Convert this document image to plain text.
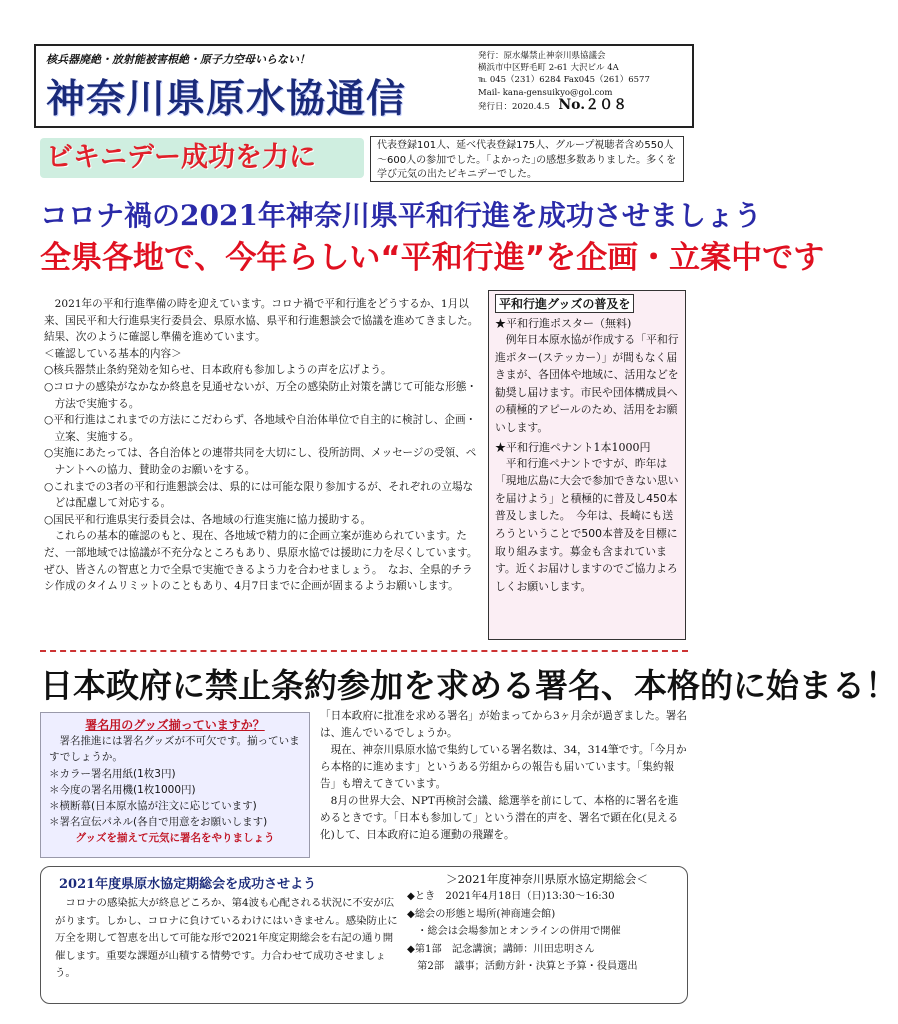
核兵器廃絶・放射能被害根絶・原子力空母いらない！
神奈川県原水協通信
発行：原水爆禁止神奈川県協議会
横浜市中区野毛町 2-61 大沢ビル 4A
℡ 045（231）6284 Fax045（261）6577
Mail- kana-gensuikyo@gol.com
発行日：2020.4.5　 No.２０８
ビキニデー成功を力に	代表登録101人、延べ代表登録175人、グループ視聴者含め550人～600人の参加でした。｢よかった｣の感想多数ありました。多くを学び元気の出たビキニデーでした。
コロナ禍の2021年神奈川県平和行進を成功させましょう
全県各地で、今年らしい“平和行進”を企画・立案中です

2021年の平和行進準備の時を迎えています。コロナ禍で平和行進をどうするか、1月以来、国民平和大行進県実行委員会、県原水協、県平和行進懇談会で協議を進めてきました。結果、次のように確認し準備を進めています。

＜確認している基本的内容＞

○核兵器禁止条約発効を知らせ、日本政府も参加しようの声を広げよう。

○コロナの感染がなかなか終息を見通せないが、万全の感染防止対策を講じて可能な形態・方法で実施する。

○平和行進はこれまでの方法にこだわらず、各地域や自治体単位で自主的に検討し、企画・立案、実施する。

○実施にあたっては、各自治体との連帯共同を大切にし、役所訪問、メッセージの受領、ペナントへの協力、賛助金のお願いをする。

○これまでの3者の平和行進懇談会は、県的には可能な限り参加するが、それぞれの立場などは配慮して対応する。

○国民平和行進県実行委員会は、各地域の行進実施に協力援助する。

これらの基本的確認のもと、現在、各地域で精力的に企画立案が進められています。ただ、一部地域では協議が不充分なところもあり、県原水協では援助に力を尽くしています。ぜひ、皆さんの智恵と力で全県で実施できるよう力を合わせましょう。　なお、全県的チラシ作成のタイムリミットのこともあり、4月7日までに企画が固まるようお願いします。

平和行進グッズの普及を
★平和行進ポスター（無料)
例年日本原水協が作成する「平和行進ポター(ステッカー）」が間もなく届きまが、各団体や地域に、活用などを勧奨し届けます。市民や団体構成員への積極的アピールのため、活用をお願いします。
★平和行進ペナント1本1000円
平和行進ペナントですが、昨年は「現地広島に大会で参加できない思いを届けよう」と積極的に普及し450本普及しました。　今年は、長崎にも送ろうということで500本普及を目標に取り組みます。募金も含まれています。近くお届けしますのでご協力よろしくお願いします。
日本政府に禁止条約参加を求める署名、本格的に始まる！
署名用のグッズ揃っていますか？
署名推進には署名グッズが不可欠です。揃っていますでしょうか。
＊カラー署名用紙(1枚3円)
＊今度の署名用機(1枚1000円)
＊横断幕(日本原水協が注文に応じています)
＊署名宣伝パネル(各自で用意をお願いします)
グッズを揃えて元気に署名をやりましょう

「日本政府に批准を求める署名」が始まってから3ヶ月余が過ぎました。署名は、進んでいるでしょうか。

現在、神奈川県原水協で集約している署名数は、34，314筆です。「今月から本格的に進めます」というある労組からの報告も届いています。「集約報告」も増えてきています。

8月の世界大会、NPT再検討会議、総選挙を前にして、本格的に署名を進めるときです。「日本も参加して」という潜在的声を、署名で顕在化(見える化)して、日本政府に迫る運動の飛躍を。

2021年度県原水協定期総会を成功させよう

コロナの感染拡大が終息どころか、第4波も心配される状況に不安が広がります。しかし、コロナに負けているわけにはいきません。感染防止に万全を期して智恵を出して可能な形で2021年度定期総会を右記の通り開催します。重要な課題が山積する情勢です。力合わせて成功させましょう。

＞2021年度神奈川県原水協定期総会＜

◆とき　2021年4月18日（日)13:30～16:30

◆総会の形態と場所(神商連会館)

　・総会は会場参加とオンラインの併用で開催

◆第1部　記念講演；講師：川田忠明さん

　第2部　議事；活動方針・決算と予算・役員選出
